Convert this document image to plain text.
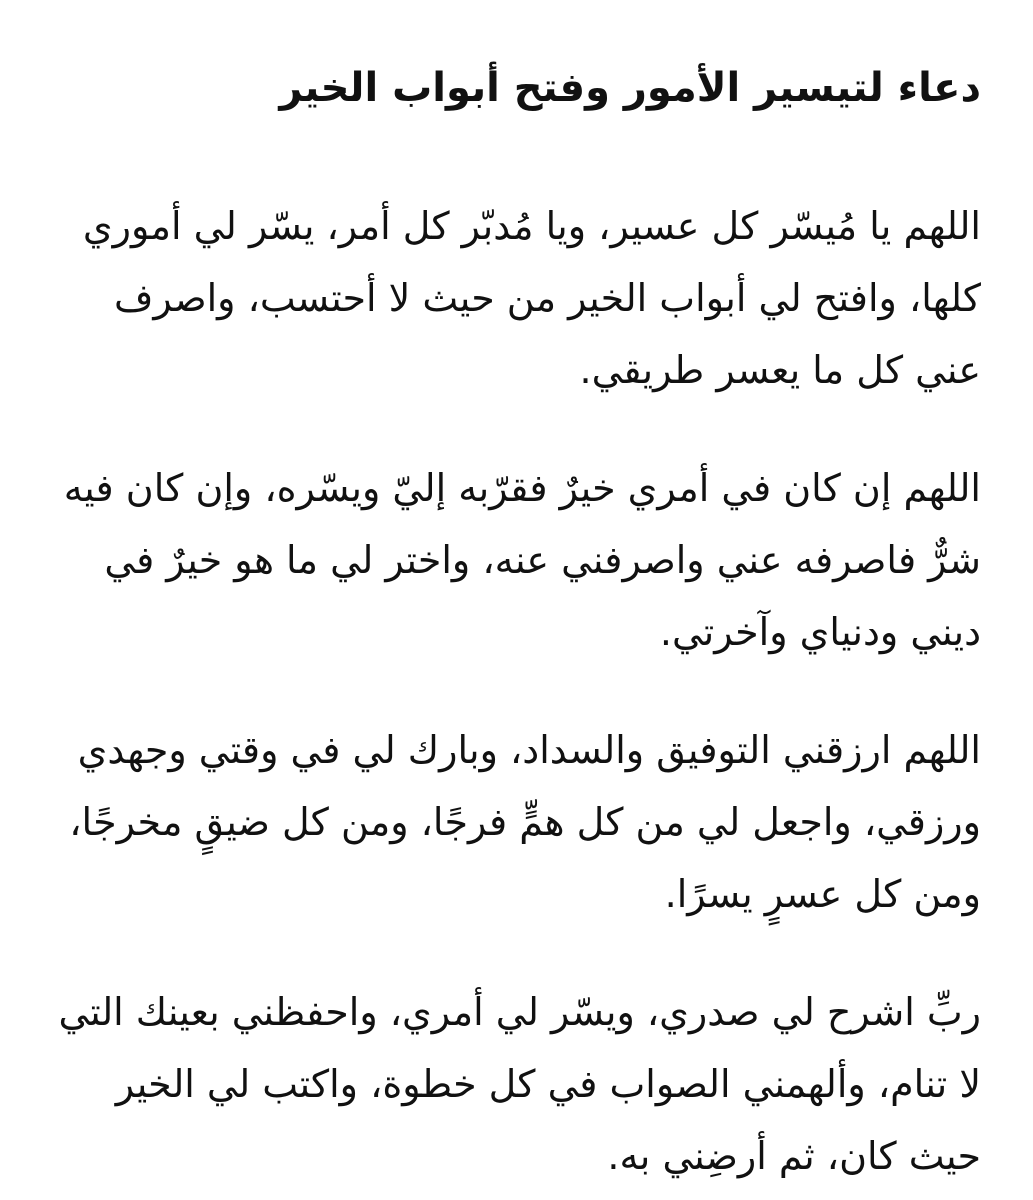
دعاء لتيسير الأمور وفتح أبواب الخير

اللهم يا مُيسّر كل عسير، ويا مُدبّر كل أمر، يسّر لي أموري كلها، وافتح لي أبواب الخير من حيث لا أحتسب، واصرف عني كل ما يعسر طريقي.

اللهم إن كان في أمري خيرٌ فقرّبه إليّ ويسّره، وإن كان فيه شرٌّ فاصرفه عني واصرفني عنه، واختر لي ما هو خيرٌ في ديني ودنياي وآخرتي.

اللهم ارزقني التوفيق والسداد، وبارك لي في وقتي وجهدي ورزقي، واجعل لي من كل همٍّ فرجًا، ومن كل ضيقٍ مخرجًا، ومن كل عسرٍ يسرًا.

ربِّ اشرح لي صدري، ويسّر لي أمري، واحفظني بعينك التي لا تنام، وألهمني الصواب في كل خطوة، واكتب لي الخير حيث كان، ثم أرضِني به.
